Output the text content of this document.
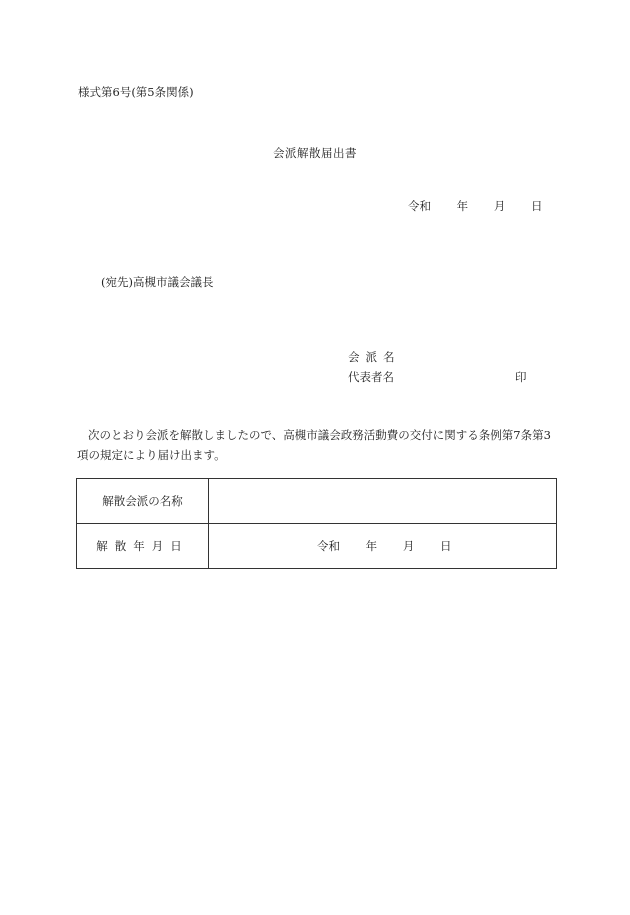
様式第6号(第5条関係)
会派解散届出書
令和 年 月 日
(宛先)高槻市議会議長
会派名
代表者名	印
次のとおり会派を解散しましたので、高槻市議会政務活動費の交付に関する条例第7条第3項の規定により届け出ます。
解散会派の名称	
解散年月日	令和 年 月 日
